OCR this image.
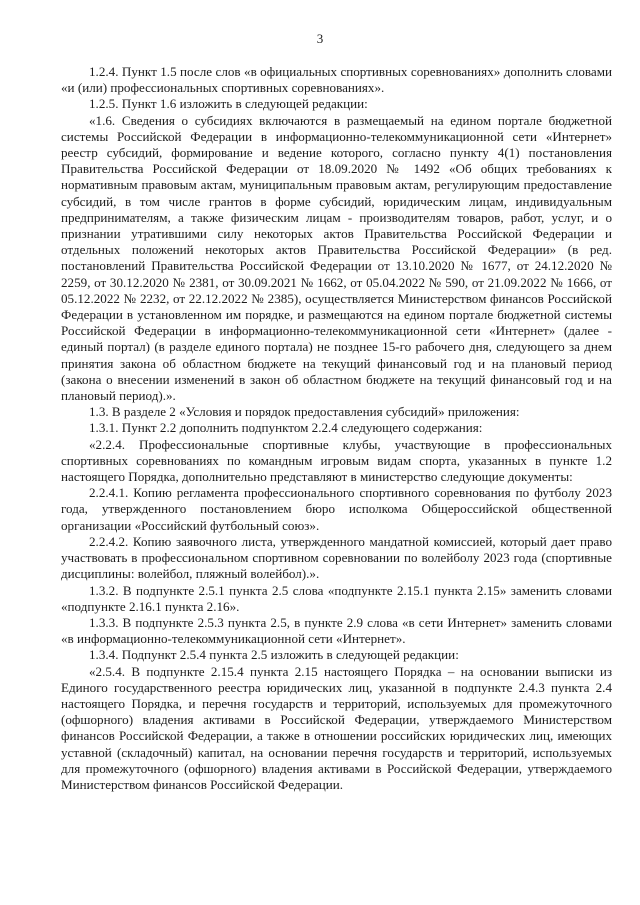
3

1.2.4. Пункт 1.5 после слов «в официальных спортивных соревнованиях» дополнить словами «и (или) профессиональных спортивных соревнованиях».

1.2.5. Пункт 1.6 изложить в следующей редакции:

«1.6. Сведения о субсидиях включаются в размещаемый на едином портале бюджетной системы Российской Федерации в информационно-телекоммуникационной сети «Интернет» реестр субсидий, формирование и ведение которого, согласно пункту 4(1) постановления Правительства Российской Федерации от 18.09.2020 № 1492 «Об общих требованиях к нормативным правовым актам, муниципальным правовым актам, регулирующим предоставление субсидий, в том числе грантов в форме субсидий, юридическим лицам, индивидуальным предпринимателям, а также физическим лицам - производителям товаров, работ, услуг, и о признании утратившими силу некоторых актов Правительства Российской Федерации и отдельных положений некоторых актов Правительства Российской Федерации» (в ред. постановлений Правительства Российской Федерации от 13.10.2020 № 1677, от 24.12.2020 № 2259, от 30.12.2020 № 2381, от 30.09.2021 № 1662, от 05.04.2022 № 590, от 21.09.2022 № 1666, от 05.12.2022 № 2232, от 22.12.2022 № 2385), осуществляется Министерством финансов Российской Федерации в установленном им порядке, и размещаются на едином портале бюджетной системы Российской Федерации в информационно-телекоммуникационной сети «Интернет» (далее - единый портал) (в разделе единого портала) не позднее 15-го рабочего дня, следующего за днем принятия закона об областном бюджете на текущий финансовый год и на плановый период (закона о внесении изменений в закон об областном бюджете на текущий финансовый год и на плановый период).».

1.3. В разделе 2 «Условия и порядок предоставления субсидий» приложения:

1.3.1. Пункт 2.2 дополнить подпунктом 2.2.4 следующего содержания:

«2.2.4. Профессиональные спортивные клубы, участвующие в профессиональных спортивных соревнованиях по командным игровым видам спорта, указанных в пункте 1.2 настоящего Порядка, дополнительно представляют в министерство следующие документы:

2.2.4.1. Копию регламента профессионального спортивного соревнования по футболу 2023 года, утвержденного постановлением бюро исполкома Общероссийской общественной организации «Российский футбольный союз».

2.2.4.2. Копию заявочного листа, утвержденного мандатной комиссией, который дает право участвовать в профессиональном спортивном соревновании по волейболу 2023 года (спортивные дисциплины: волейбол, пляжный волейбол).».

1.3.2. В подпункте 2.5.1 пункта 2.5 слова «подпункте 2.15.1 пункта 2.15» заменить словами «подпункте 2.16.1 пункта 2.16».

1.3.3. В подпункте 2.5.3 пункта 2.5, в пункте 2.9 слова «в сети Интернет» заменить словами «в информационно-телекоммуникационной сети «Интернет».

1.3.4. Подпункт 2.5.4 пункта 2.5 изложить в следующей редакции:

«2.5.4. В подпункте 2.15.4 пункта 2.15 настоящего Порядка – на основании выписки из Единого государственного реестра юридических лиц, указанной в подпункте 2.4.3 пункта 2.4 настоящего Порядка, и перечня государств и территорий, используемых для промежуточного (офшорного) владения активами в Российской Федерации, утверждаемого Министерством финансов Российской Федерации, а также в отношении российских юридических лиц, имеющих уставной (складочный) капитал, на основании перечня государств и территорий, используемых для промежуточного (офшорного) владения активами в Российской Федерации, утверждаемого Министерством финансов Российской Федерации.
